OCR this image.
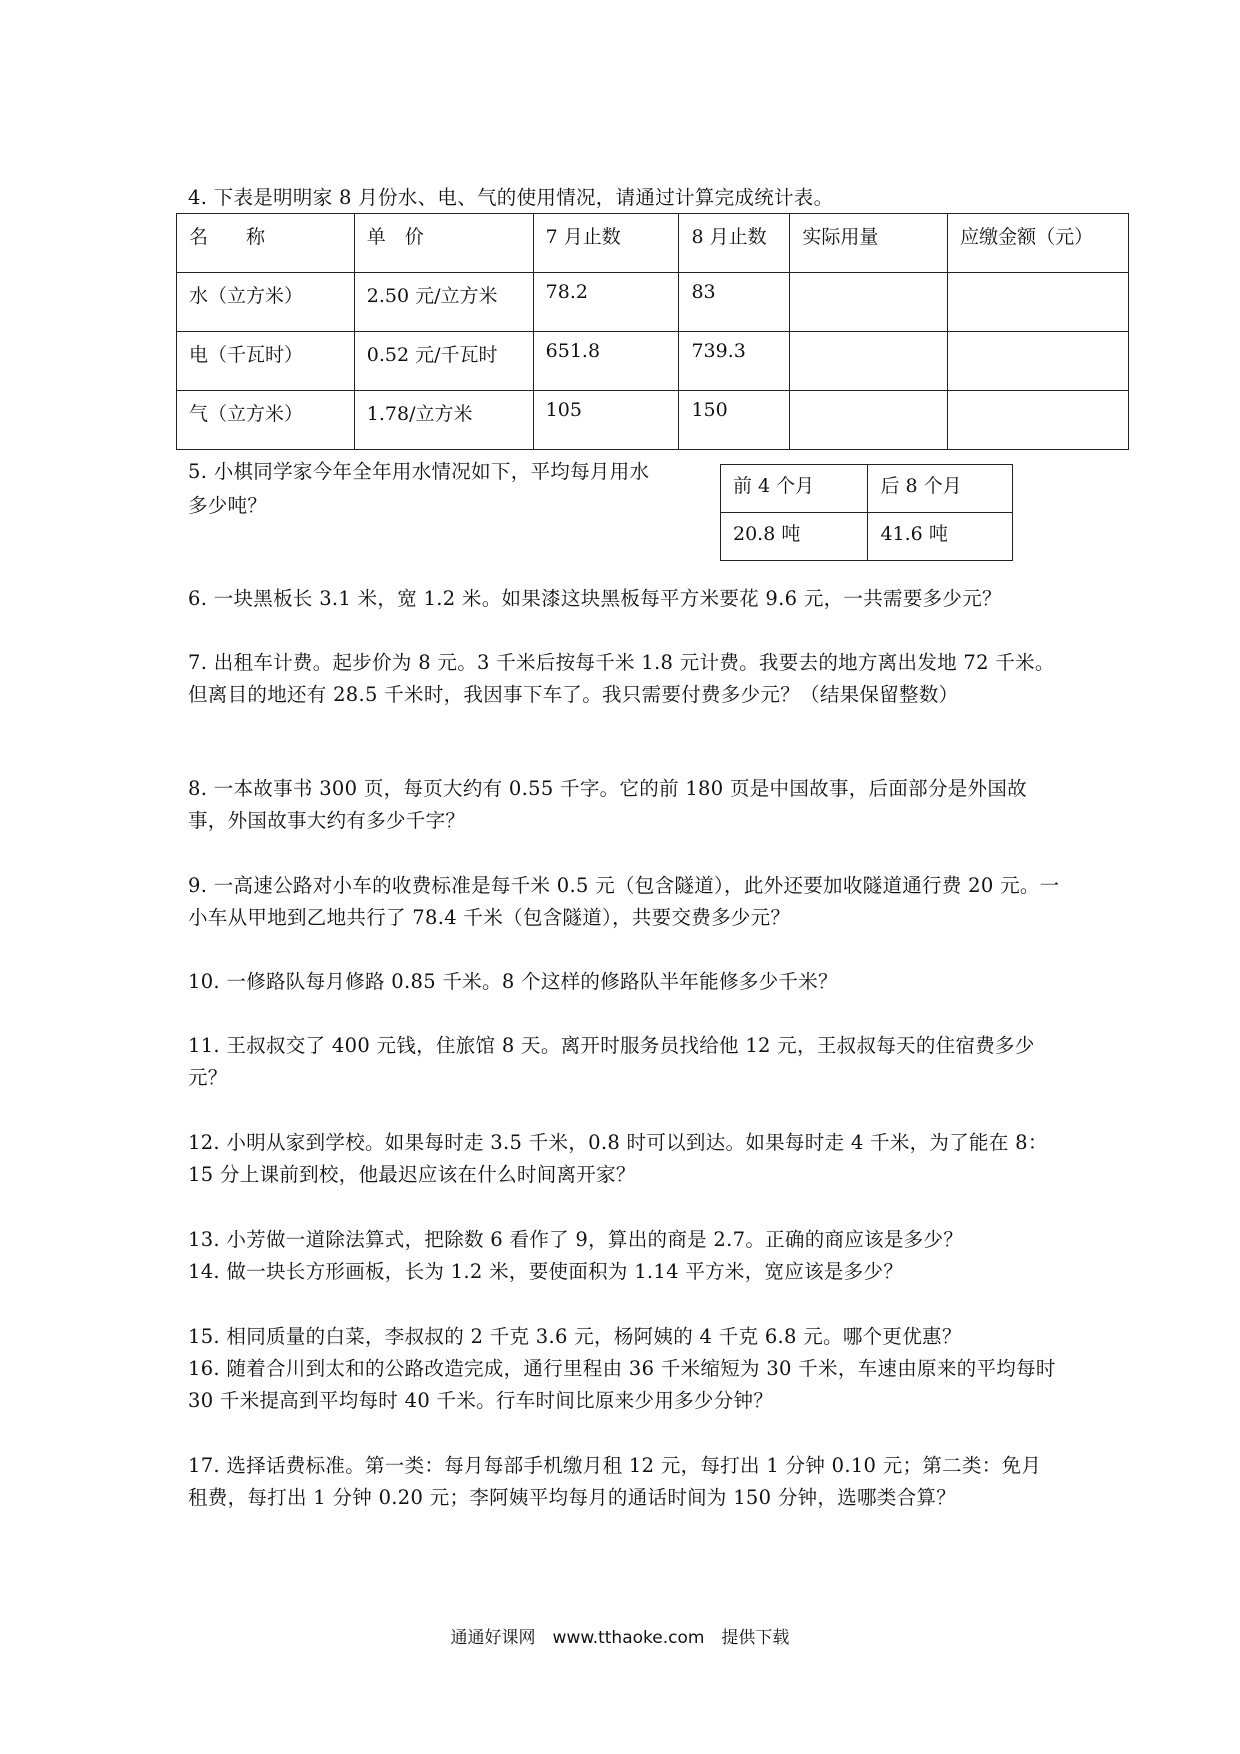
4. 下表是明明家 8 月份水、电、气的使用情况，请通过计算完成统计表。
名　　称	单　价	7 月止数	8 月止数	实际用量	应缴金额（元）
水（立方米）	2.50 元/立方米	78.2	83		
电（千瓦时）	0.52 元/千瓦时	651.8	739.3		
气（立方米）	1.78/立方米	105	150		
5. 小棋同学家今年全年用水情况如下，平均每月用水
多少吨？
前 4 个月	后 8 个月
20.8 吨	41.6 吨
6. 一块黑板长 3.1 米，宽 1.2 米。如果漆这块黑板每平方米要花 9.6 元，一共需要多少元？
7. 出租车计费。起步价为 8 元。3 千米后按每千米 1.8 元计费。我要去的地方离出发地 72 千米。但离目的地还有 28.5 千米时，我因事下车了。我只需要付费多少元？（结果保留整数）
8. 一本故事书 300 页，每页大约有 0.55 千字。它的前 180 页是中国故事，后面部分是外国故事，外国故事大约有多少千字？
9. 一高速公路对小车的收费标准是每千米 0.5 元（包含隧道），此外还要加收隧道通行费 20 元。一小车从甲地到乙地共行了 78.4 千米（包含隧道），共要交费多少元？
10. 一修路队每月修路 0.85 千米。8 个这样的修路队半年能修多少千米？
11. 王叔叔交了 400 元钱，住旅馆 8 天。离开时服务员找给他 12 元，王叔叔每天的住宿费多少元？
12. 小明从家到学校。如果每时走 3.5 千米，0.8 时可以到达。如果每时走 4 千米，为了能在 8：15 分上课前到校，他最迟应该在什么时间离开家？
13. 小芳做一道除法算式，把除数 6 看作了 9，算出的商是 2.7。正确的商应该是多少？
14. 做一块长方形画板，长为 1.2 米，要使面积为 1.14 平方米，宽应该是多少？
15. 相同质量的白菜，李叔叔的 2 千克 3.6 元，杨阿姨的 4 千克 6.8 元。哪个更优惠？
16. 随着合川到太和的公路改造完成，通行里程由 36 千米缩短为 30 千米，车速由原来的平均每时 30 千米提高到平均每时 40 千米。行车时间比原来少用多少分钟？
17. 选择话费标准。第一类：每月每部手机缴月租 12 元，每打出 1 分钟 0.10 元；第二类：免月租费，每打出 1 分钟 0.20 元；李阿姨平均每月的通话时间为 150 分钟，选哪类合算？
通通好课网　www.tthaoke.com　提供下载
